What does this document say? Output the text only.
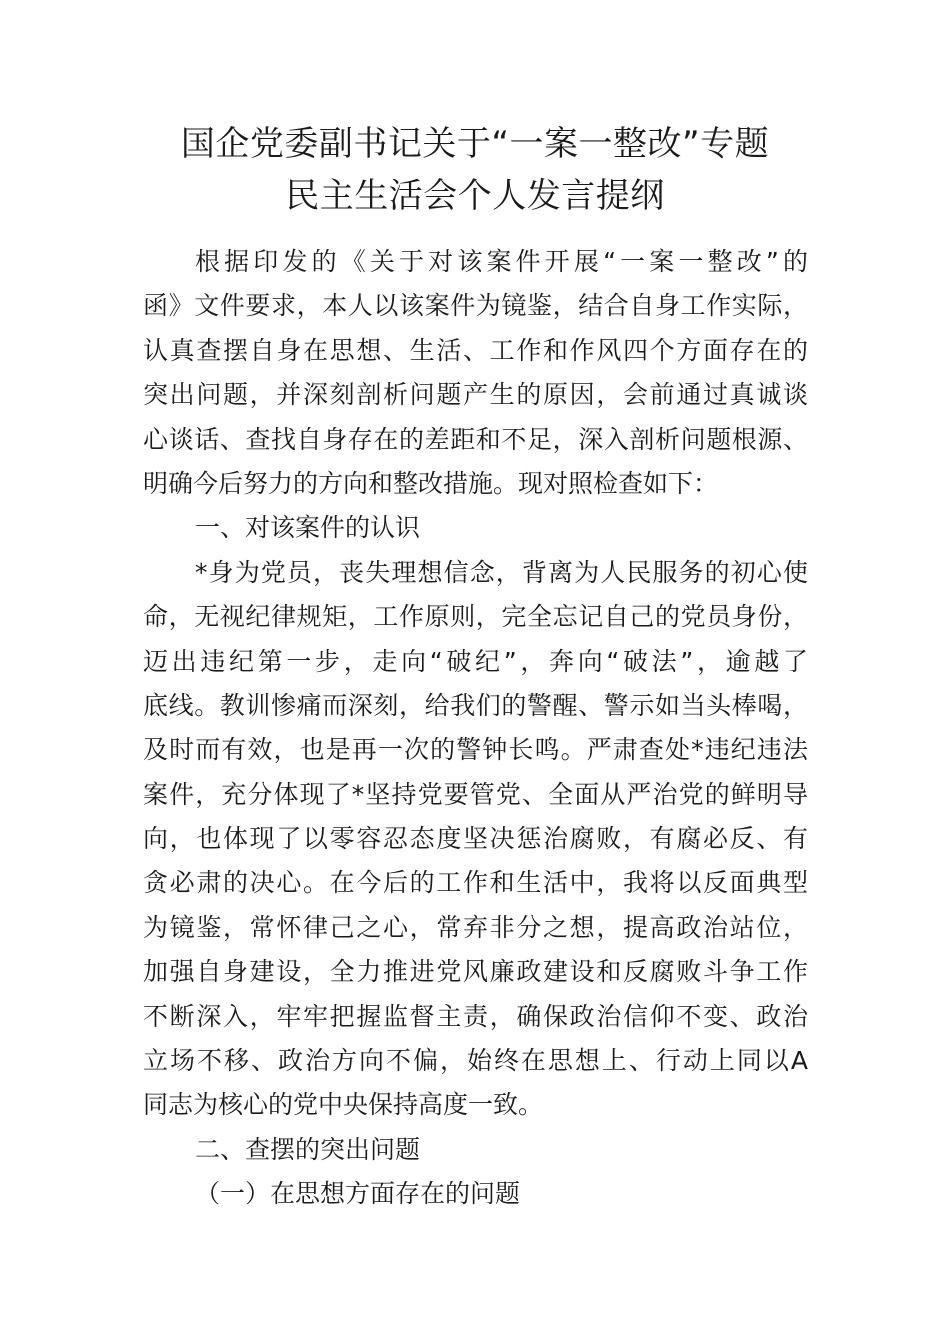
国企党委副书记关于“一案一整改”专题
民主生活会个人发言提纲
根据印发的《关于对该案件开展“一案一整改”的
函》文件要求，本人以该案件为镜鉴，结合自身工作实际，
认真查摆自身在思想、生活、工作和作风四个方面存在的
突出问题，并深刻剖析问题产生的原因，会前通过真诚谈
心谈话、查找自身存在的差距和不足，深入剖析问题根源、
明确今后努力的方向和整改措施。现对照检查如下：
一、对该案件的认识
*身为党员，丧失理想信念，背离为人民服务的初心使
命，无视纪律规矩，工作原则，完全忘记自己的党员身份，
迈出违纪第一步，走向“破纪”，奔向“破法”，逾越了
底线。教训惨痛而深刻，给我们的警醒、警示如当头棒喝，
及时而有效，也是再一次的警钟长鸣。严肃查处*违纪违法
案件，充分体现了*坚持党要管党、全面从严治党的鲜明导
向，也体现了以零容忍态度坚决惩治腐败，有腐必反、有
贪必肃的决心。在今后的工作和生活中，我将以反面典型
为镜鉴，常怀律己之心，常弃非分之想，提高政治站位，
加强自身建设，全力推进党风廉政建设和反腐败斗争工作
不断深入，牢牢把握监督主责，确保政治信仰不变、政治
立场不移、政治方向不偏，始终在思想上、行动上同以A
同志为核心的党中央保持高度一致。
二、查摆的突出问题
（一）在思想方面存在的问题
